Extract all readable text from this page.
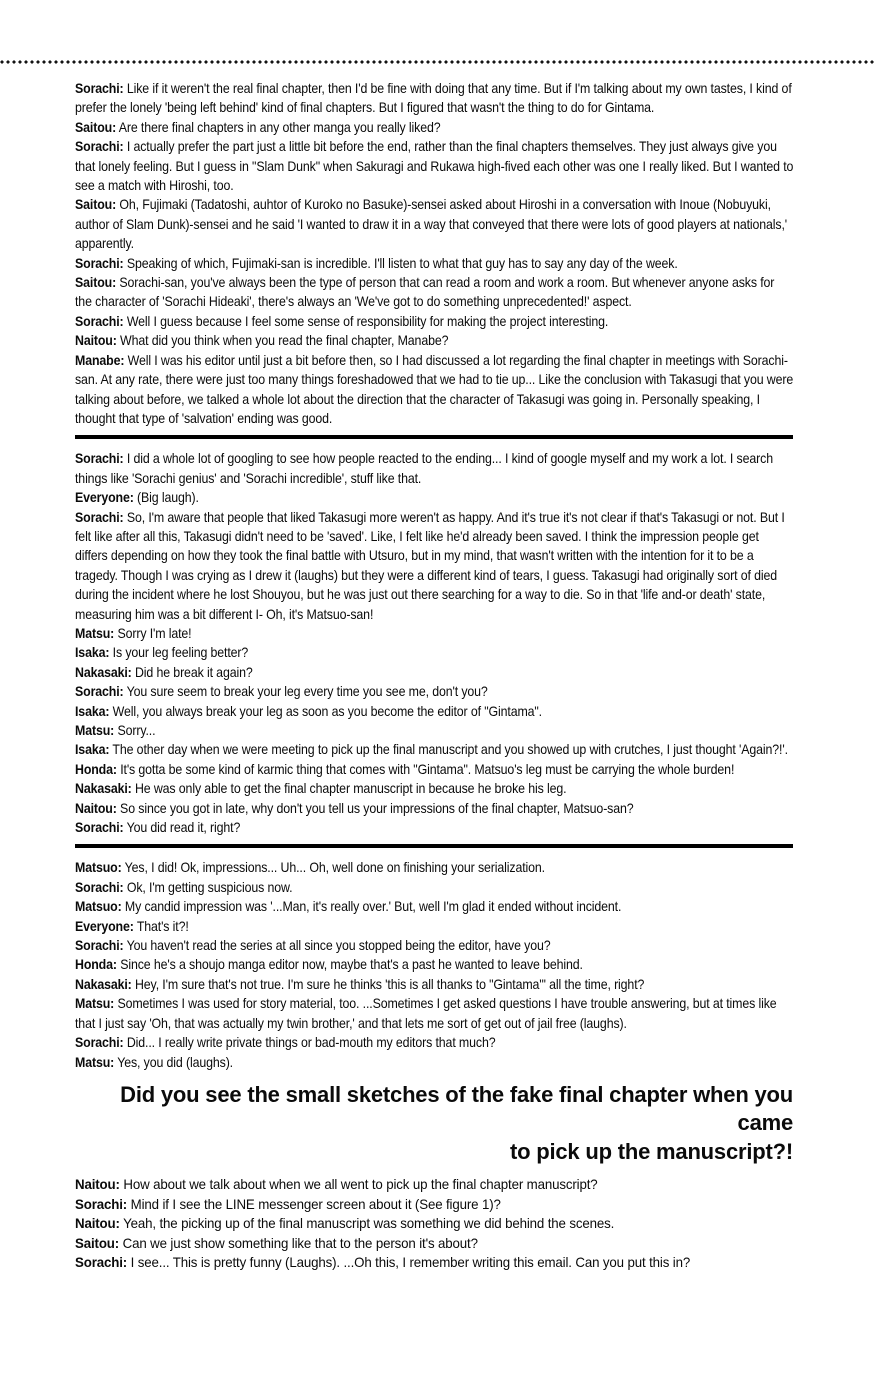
Sorachi: Like if it weren't the real final chapter, then I'd be fine with doing that any time. But if I'm talking about my own tastes, I kind of prefer the lonely 'being left behind' kind of final chapters. But I figured that wasn't the thing to do for Gintama.

Saitou: Are there final chapters in any other manga you really liked?

Sorachi: I actually prefer the part just a little bit before the end, rather than the final chapters themselves. They just always give you that lonely feeling. But I guess in "Slam Dunk" when Sakuragi and Rukawa high-fived each other was one I really liked. But I wanted to see a match with Hiroshi, too.

Saitou: Oh, Fujimaki (Tadatoshi, auhtor of Kuroko no Basuke)-sensei asked about Hiroshi in a conversation with Inoue (Nobuyuki, author of Slam Dunk)-sensei and he said 'I wanted to draw it in a way that conveyed that there were lots of good players at nationals,' apparently.

Sorachi: Speaking of which, Fujimaki-san is incredible. I'll listen to what that guy has to say any day of the week.

Saitou: Sorachi-san, you've always been the type of person that can read a room and work a room. But whenever anyone asks for the character of 'Sorachi Hideaki', there's always an 'We've got to do something unprecedented!' aspect.

Sorachi: Well I guess because I feel some sense of responsibility for making the project interesting.

Naitou: What did you think when you read the final chapter, Manabe?

Manabe: Well I was his editor until just a bit before then, so I had discussed a lot regarding the final chapter in meetings with Sorachi-san. At any rate, there were just too many things foreshadowed that we had to tie up... Like the conclusion with Takasugi that you were talking about before, we talked a whole lot about the direction that the character of Takasugi was going in. Personally speaking, I thought that type of 'salvation' ending was good.

Sorachi: I did a whole lot of googling to see how people reacted to the ending... I kind of google myself and my work a lot. I search things like 'Sorachi genius' and 'Sorachi incredible', stuff like that.

Everyone: (Big laugh).

Sorachi: So, I'm aware that people that liked Takasugi more weren't as happy. And it's true it's not clear if that's Takasugi or not. But I felt like after all this, Takasugi didn't need to be 'saved'. Like, I felt like he'd already been saved. I think the impression people get differs depending on how they took the final battle with Utsuro, but in my mind, that wasn't written with the intention for it to be a tragedy. Though I was crying as I drew it (laughs) but they were a different kind of tears, I guess. Takasugi had originally sort of died during the incident where he lost Shouyou, but he was just out there searching for a way to die. So in that 'life and-or death' state, measuring him was a bit different I- Oh, it's Matsuo-san!

Matsu: Sorry I'm late!

Isaka: Is your leg feeling better?

Nakasaki: Did he break it again?

Sorachi: You sure seem to break your leg every time you see me, don't you?

Isaka: Well, you always break your leg as soon as you become the editor of "Gintama".

Matsu: Sorry...

Isaka: The other day when we were meeting to pick up the final manuscript and you showed up with crutches, I just thought 'Again?!'.

Honda: It's gotta be some kind of karmic thing that comes with "Gintama". Matsuo's leg must be carrying the whole burden!

Nakasaki: He was only able to get the final chapter manuscript in because he broke his leg.

Naitou: So since you got in late, why don't you tell us your impressions of the final chapter, Matsuo-san?

Sorachi: You did read it, right?

Matsuo: Yes, I did! Ok, impressions... Uh... Oh, well done on finishing your serialization.

Sorachi: Ok, I'm getting suspicious now.

Matsuo: My candid impression was '...Man, it's really over.' But, well I'm glad it ended without incident.

Everyone: That's it?!

Sorachi: You haven't read the series at all since you stopped being the editor, have you?

Honda: Since he's a shoujo manga editor now, maybe that's a past he wanted to leave behind.

Nakasaki: Hey, I'm sure that's not true. I'm sure he thinks 'this is all thanks to "Gintama"' all the time, right?

Matsu: Sometimes I was used for story material, too. ...Sometimes I get asked questions I have trouble answering, but at times like that I just say 'Oh, that was actually my twin brother,' and that lets me sort of get out of jail free (laughs).

Sorachi: Did... I really write private things or bad-mouth my editors that much?

Matsu: Yes, you did (laughs).

Did you see the small sketches of the fake final chapter when you came
to pick up the manuscript?!

Naitou: How about we talk about when we all went to pick up the final chapter manuscript?

Sorachi: Mind if I see the LINE messenger screen about it (See figure 1)?

Naitou: Yeah, the picking up of the final manuscript was something we did behind the scenes.

Saitou: Can we just show something like that to the person it's about?

Sorachi: I see... This is pretty funny (Laughs). ...Oh this, I remember writing this email. Can you put this in?
